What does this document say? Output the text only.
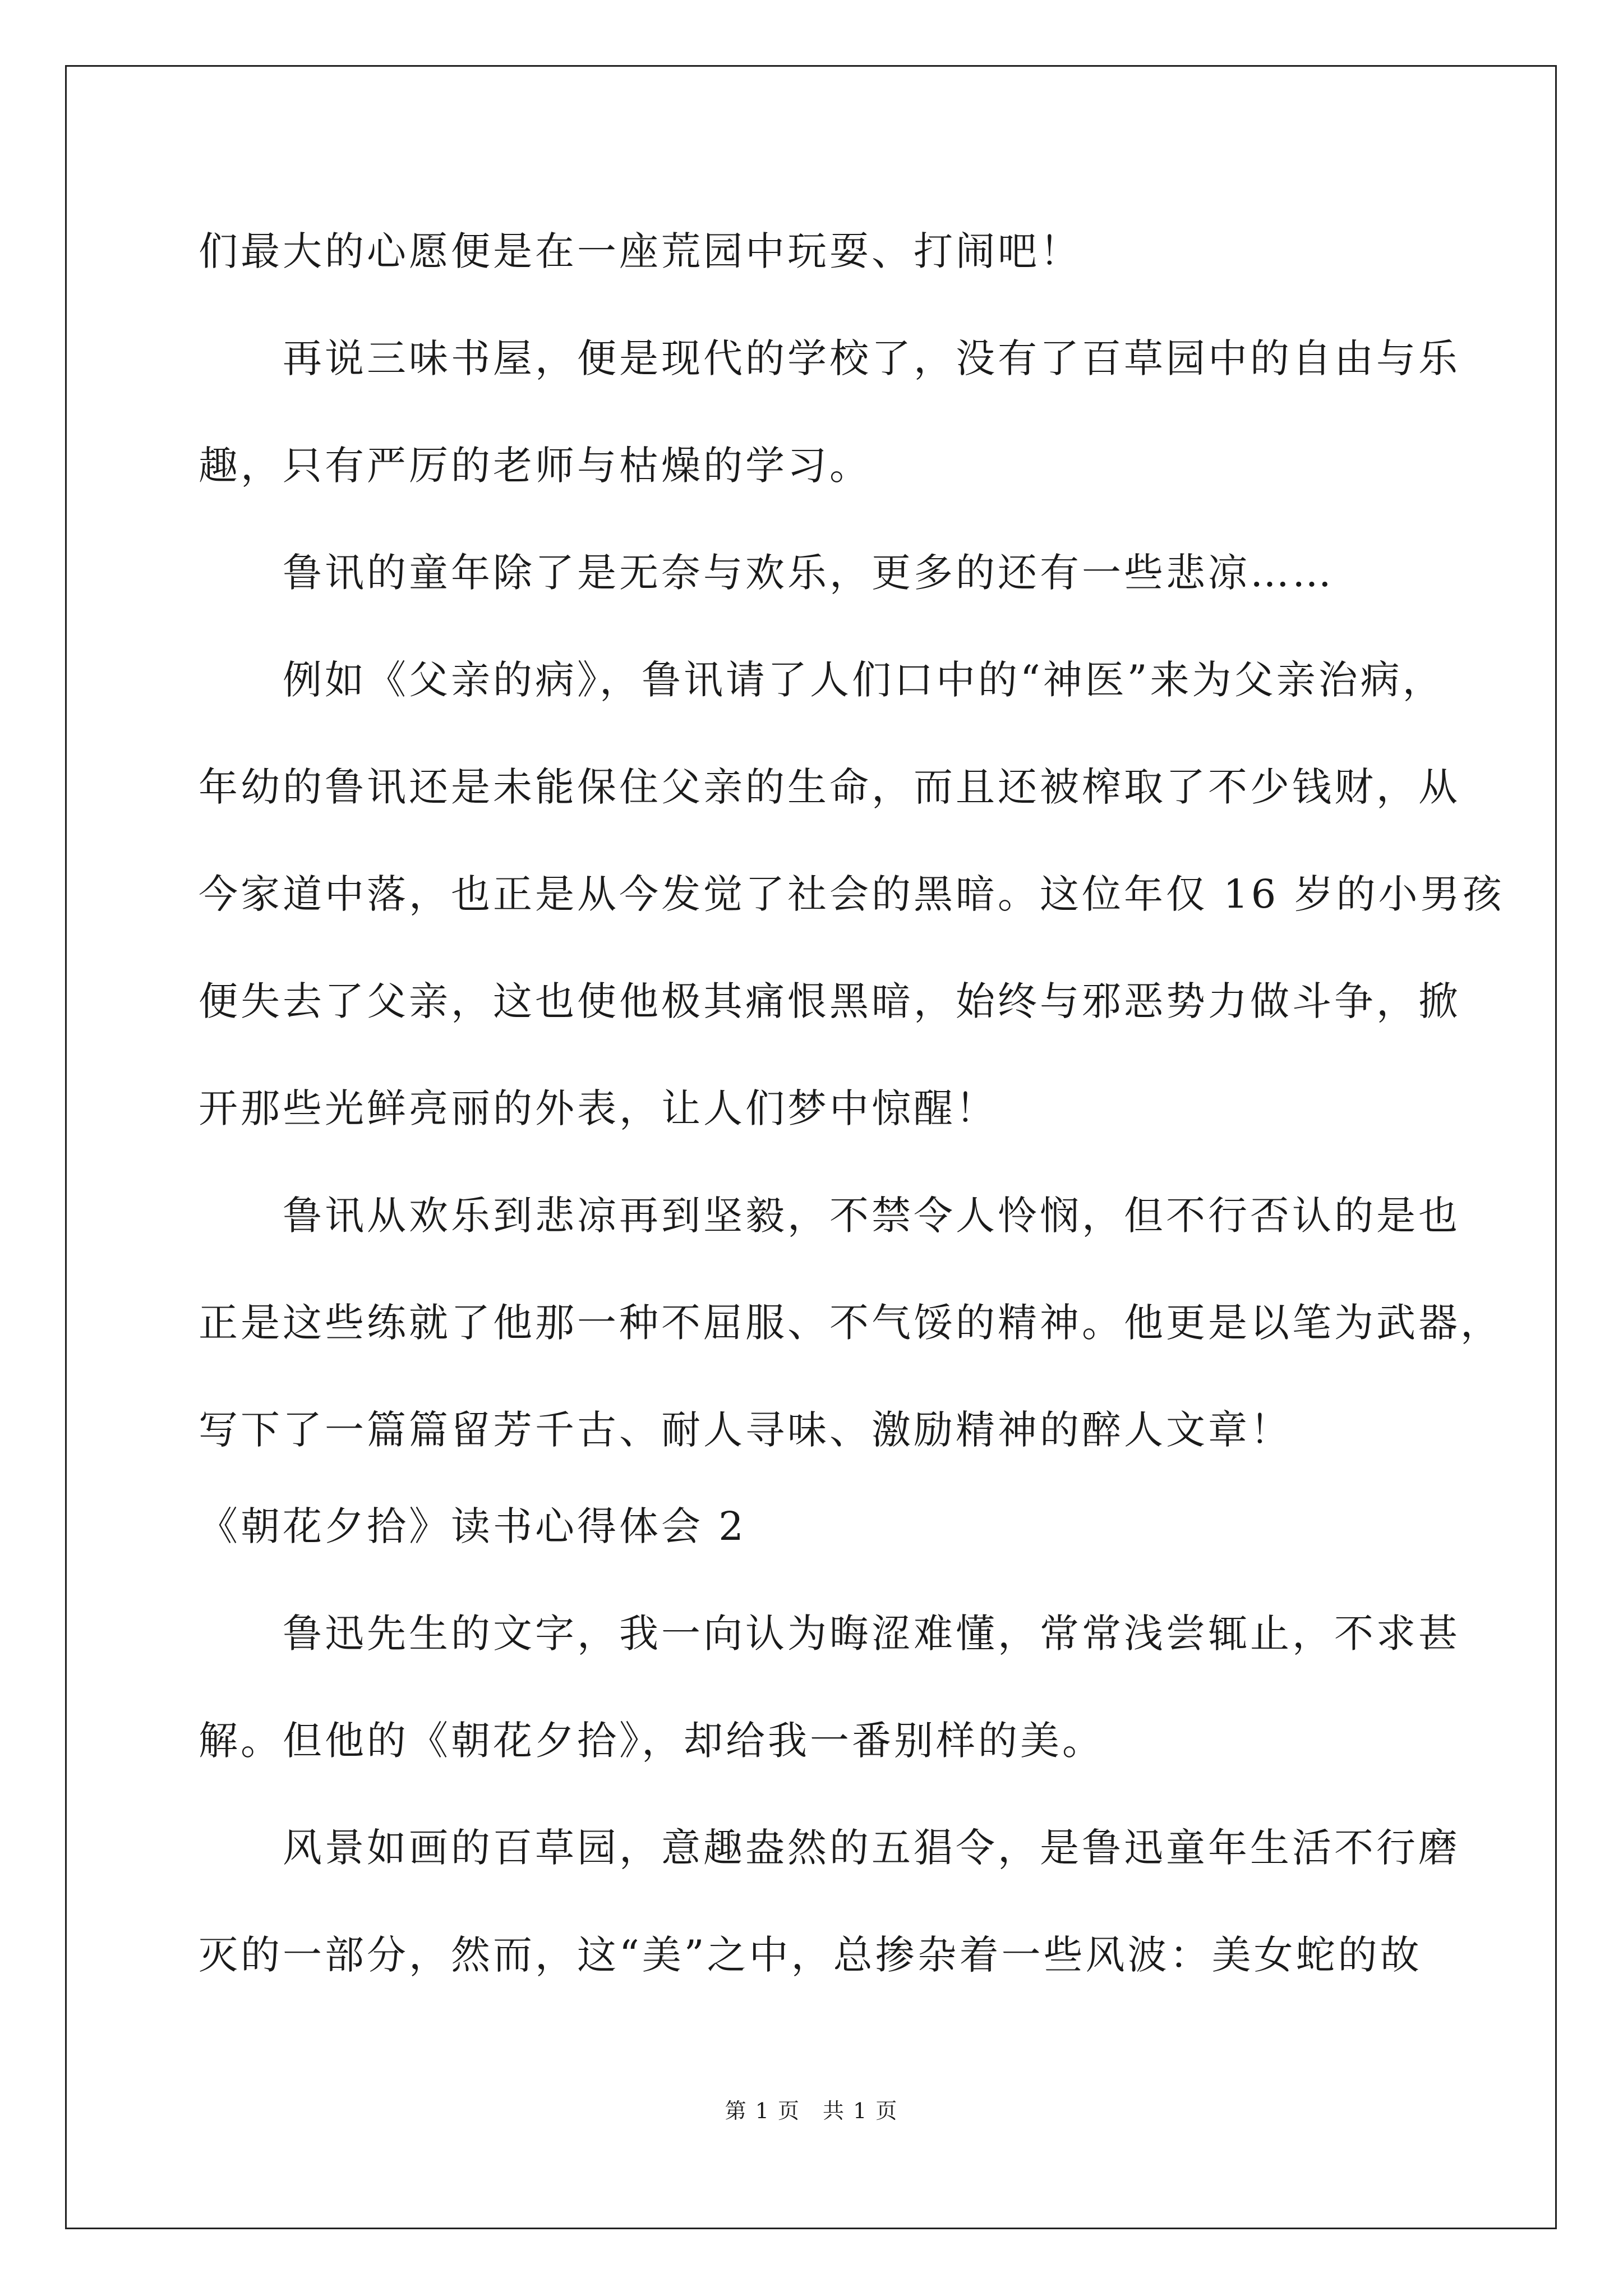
们最大的心愿便是在一座荒园中玩耍、打闹吧！
再说三味书屋，便是现代的学校了，没有了百草园中的自由与乐
趣，只有严厉的老师与枯燥的学习。
鲁讯的童年除了是无奈与欢乐，更多的还有一些悲凉……
例如《父亲的病》，鲁讯请了人们口中的“神医”来为父亲治病，
年幼的鲁讯还是未能保住父亲的生命，而且还被榨取了不少钱财，从
今家道中落，也正是从今发觉了社会的黑暗。这位年仅 16 岁的小男孩
便失去了父亲，这也使他极其痛恨黑暗，始终与邪恶势力做斗争，掀
开那些光鲜亮丽的外表，让人们梦中惊醒！
鲁讯从欢乐到悲凉再到坚毅，不禁令人怜悯，但不行否认的是也
正是这些练就了他那一种不屈服、不气馁的精神。他更是以笔为武器，
写下了一篇篇留芳千古、耐人寻味、激励精神的醉人文章！
《朝花夕拾》读书心得体会 2
鲁迅先生的文字，我一向认为晦涩难懂，常常浅尝辄止，不求甚
解。但他的《朝花夕拾》，却给我一番别样的美。
风景如画的百草园，意趣盎然的五猖令，是鲁迅童年生活不行磨
灭的一部分，然而，这“美”之中，总掺杂着一些风波：美女蛇的故
第 1 页　共 1 页
